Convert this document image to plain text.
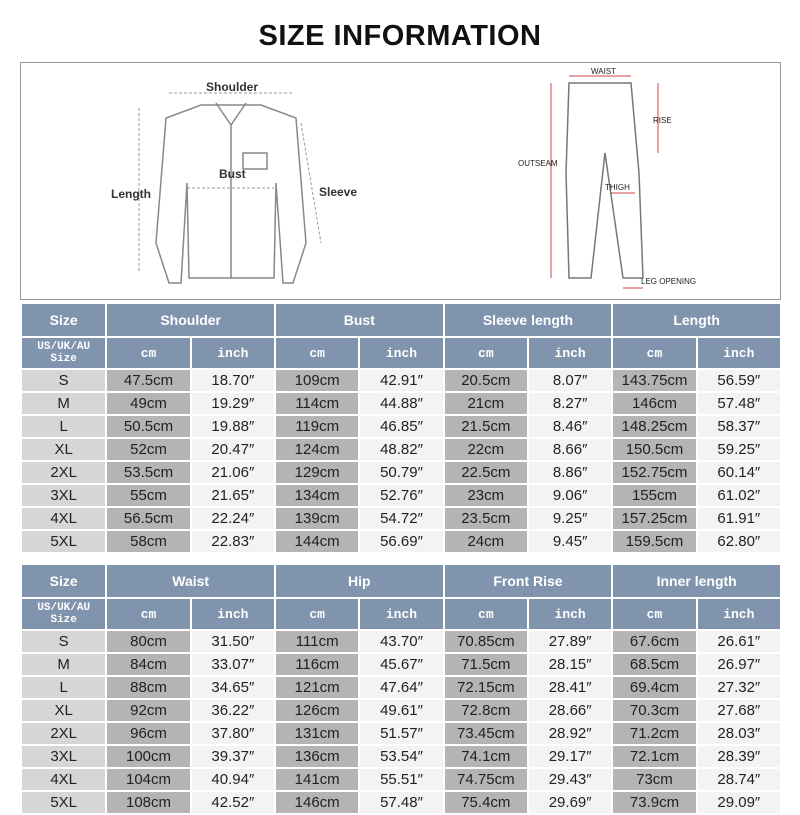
SIZE INFORMATION
Shoulder
Bust
Length	Sleeve
WAIST
RISE
OUTSEAM
THIGH
LEG OPENING
Size	Shoulder		Bust		Sleeve length		Length	

US/UK/AU
Size	cm	inch	cm	inch	cm	inch	cm	inch
S	47.5cm	18.70″	109cm	42.91″	20.5cm	8.07″	143.75cm	56.59″
M	49cm	19.29″	114cm	44.88″	21cm	8.27″	146cm	57.48″
L	50.5cm	19.88″	119cm	46.85″	21.5cm	8.46″	148.25cm	58.37″
XL	52cm	20.47″	124cm	48.82″	22cm	8.66″	150.5cm	59.25″
2XL	53.5cm	21.06″	129cm	50.79″	22.5cm	8.86″	152.75cm	60.14″
3XL	55cm	21.65″	134cm	52.76″	23cm	9.06″	155cm	61.02″
4XL	56.5cm	22.24″	139cm	54.72″	23.5cm	9.25″	157.25cm	61.91″
5XL	58cm	22.83″	144cm	56.69″	24cm	9.45″	159.5cm	62.80″
Size	Waist		Hip		Front Rise		Inner length	

US/UK/AU
Size	cm	inch	cm	inch	cm	inch	cm	inch
S	80cm	31.50″	111cm	43.70″	70.85cm	27.89″	67.6cm	26.61″
M	84cm	33.07″	116cm	45.67″	71.5cm	28.15″	68.5cm	26.97″
L	88cm	34.65″	121cm	47.64″	72.15cm	28.41″	69.4cm	27.32″
XL	92cm	36.22″	126cm	49.61″	72.8cm	28.66″	70.3cm	27.68″
2XL	96cm	37.80″	131cm	51.57″	73.45cm	28.92″	71.2cm	28.03″
3XL	100cm	39.37″	136cm	53.54″	74.1cm	29.17″	72.1cm	28.39″
4XL	104cm	40.94″	141cm	55.51″	74.75cm	29.43″	73cm	28.74″
5XL	108cm	42.52″	146cm	57.48″	75.4cm	29.69″	73.9cm	29.09″
